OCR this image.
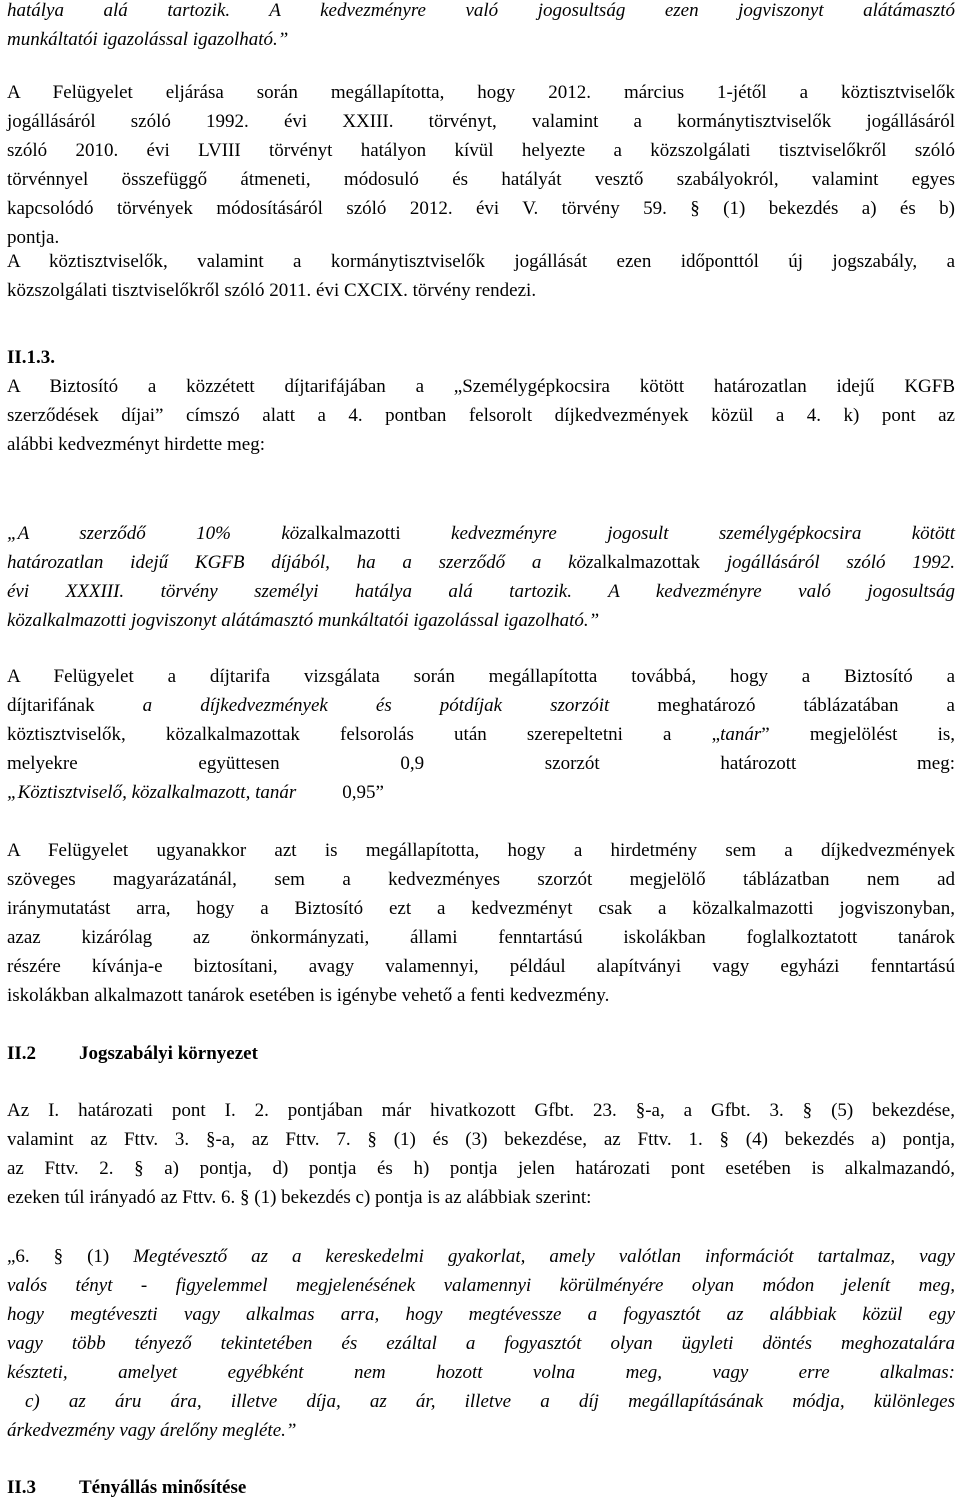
hatálya alá tartozik. A kedvezményre való jogosultság ezen jogviszonyt alátámasztó
munkáltatói igazolással igazolható.”
A Felügyelet eljárása során megállapította, hogy 2012. március 1-jétől a köztisztviselők
jogállásáról szóló 1992. évi XXIII. törvényt, valamint a kormánytisztviselők jogállásáról
szóló 2010. évi LVIII törvényt hatályon kívül helyezte a közszolgálati tisztviselőkről szóló
törvénnyel összefüggő átmeneti, módosuló és hatályát vesztő szabályokról, valamint egyes
kapcsolódó törvények módosításáról szóló 2012. évi V. törvény 59. § (1) bekezdés a) és b)
pontja.
A köztisztviselők, valamint a kormánytisztviselők jogállását ezen időponttól új jogszabály, a
közszolgálati tisztviselőkről szóló 2011. évi CXCIX. törvény rendezi.
II.1.3.
A Biztosító a közzétett díjtarifájában a „Személygépkocsira kötött határozatlan idejű KGFB
szerződések díjai” címszó alatt a 4. pontban felsorolt díjkedvezmények közül a 4. k) pont az
alábbi kedvezményt hirdette meg:
„A szerződő 10% közalkalmazotti kedvezményre jogosult személygépkocsira kötött
határozatlan idejű KGFB díjából, ha a szerződő a közalkalmazottak jogállásáról szóló 1992.
évi XXXIII. törvény személyi hatálya alá tartozik. A kedvezményre való jogosultság
közalkalmazotti jogviszonyt alátámasztó munkáltatói igazolással igazolható.”
A Felügyelet a díjtarifa vizsgálata során megállapította továbbá, hogy a Biztosító a
díjtarifának a díjkedvezmények és pótdíjak szorzóit meghatározó táblázatában a
köztisztviselők, közalkalmazottak felsorolás után szerepeltetni a „tanár” megjelölést is,
melyekre együttesen 0,9 szorzót határozott meg:
„Köztisztviselő, közalkalmazott, tanár 0,95”
A Felügyelet ugyanakkor azt is megállapította, hogy a hirdetmény sem a díjkedvezmények
szöveges magyarázatánál, sem a kedvezményes szorzót megjelölő táblázatban nem ad
iránymutatást arra, hogy a Biztosító ezt a kedvezményt csak a közalkalmazotti jogviszonyban,
azaz kizárólag az önkormányzati, állami fenntartású iskolákban foglalkoztatott tanárok
részére kívánja-e biztosítani, avagy valamennyi, például alapítványi vagy egyházi fenntartású
iskolákban alkalmazott tanárok esetében is igénybe vehető a fenti kedvezmény.
II.2 Jogszabályi környezet
Az I. határozati pont I. 2. pontjában már hivatkozott Gfbt. 23. §-a, a Gfbt. 3. § (5) bekezdése,
valamint az Fttv. 3. §-a, az Fttv. 7. § (1) és (3) bekezdése, az Fttv. 1. § (4) bekezdés a) pontja,
az Fttv. 2. § a) pontja, d) pontja és h) pontja jelen határozati pont esetében is alkalmazandó,
ezeken túl irányadó az Fttv. 6. § (1) bekezdés c) pontja is az alábbiak szerint:
„6. § (1) Megtévesztő az a kereskedelmi gyakorlat, amely valótlan információt tartalmaz, vagy
valós tényt - figyelemmel megjelenésének valamennyi körülményére olyan módon jelenít meg,
hogy megtéveszti vagy alkalmas arra, hogy megtévessze a fogyasztót az alábbiak közül egy
vagy több tényező tekintetében és ezáltal a fogyasztót olyan ügyleti döntés meghozatalára
készteti, amelyet egyébként nem hozott volna meg, vagy erre alkalmas:
c) az áru ára, illetve díja, az ár, illetve a díj megállapításának módja, különleges
árkedvezmény vagy árelőny megléte.”
II.3 Tényállás minősítése
